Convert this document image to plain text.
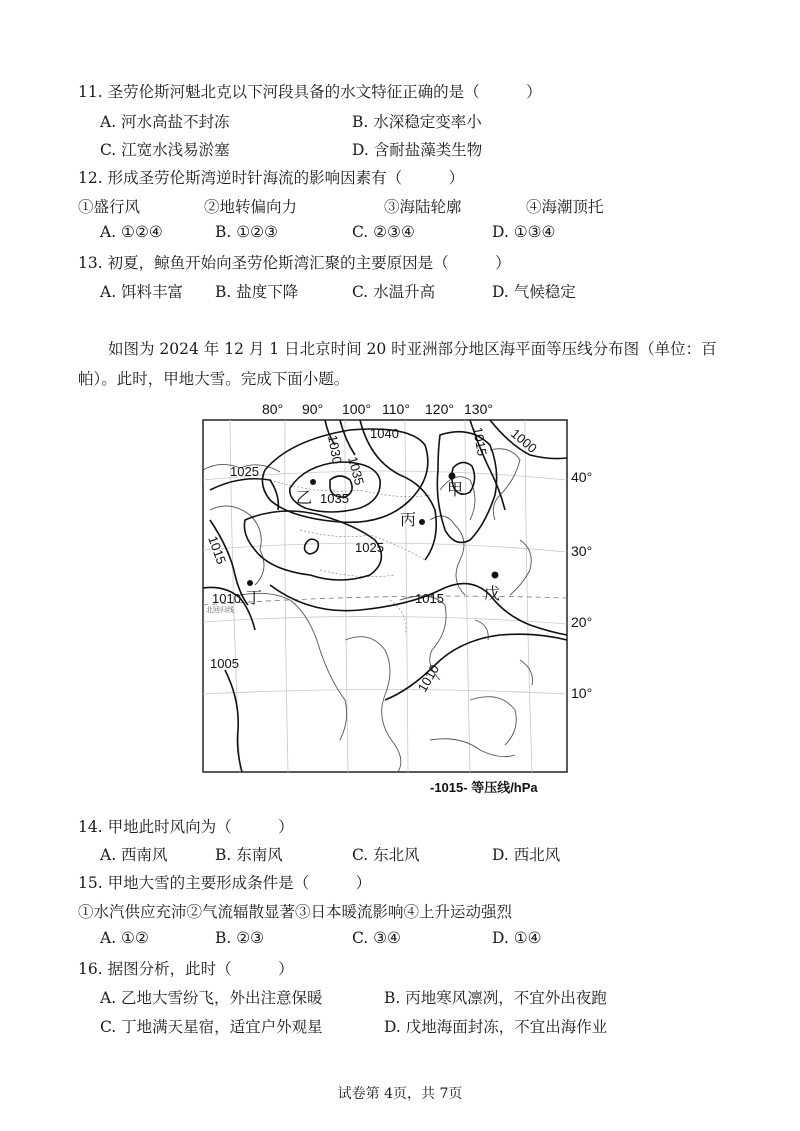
11. 圣劳伦斯河魁北克以下河段具备的水文特征正确的是（　　　）
A. 河水高盐不封冻	B. 水深稳定变率小
C. 江宽水浅易淤塞	D. 含耐盐藻类生物
12. 形成圣劳伦斯湾逆时针海流的影响因素有（　　　）
①盛行风	②地转偏向力	③海陆轮廓	④海潮顶托
A. ①②④	B. ①②③	C. ②③④	D. ①③④
13. 初夏，鲸鱼开始向圣劳伦斯湾汇聚的主要原因是（　　　）
A. 饵料丰富 B. 盐度下降	C. 水温升高	D. 气候稳定
如图为 2024 年 12 月 1 日北京时间 20 时亚洲部分地区海平面等压线分布图（单位：百帕）。此时，甲地大雪。完成下面小题。
1040
1035
1030
1025
1035
1025
1015
1010	1015
1010
1005
1015 1000
甲
乙
丙
丁	戊
北回归线
80° 90° 100° 110° 120° 130°
40°
30°
20°
10°
-1015- 等压线/hPa
14. 甲地此时风向为（　　　）
A. 西南风	B. 东南风	C. 东北风	D. 西北风
15. 甲地大雪的主要形成条件是（　　　）
①水汽供应充沛②气流辐散显著③日本暖流影响④上升运动强烈
A. ①②	B. ②③	C. ③④	D. ①④
16. 据图分析，此时（　　　）
A. 乙地大雪纷飞，外出注意保暖	B. 丙地寒风凛冽，不宜外出夜跑
C. 丁地满天星宿，适宜户外观星	D. 戊地海面封冻，不宜出海作业
试卷第 4页，共 7页
